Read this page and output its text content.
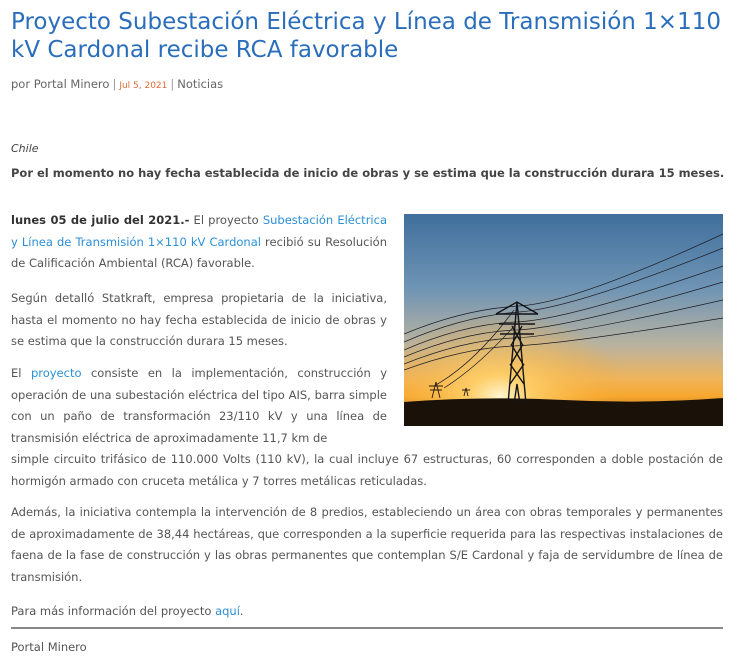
Proyecto Subestación Eléctrica y Línea de Transmisión 1×110 kV Cardonal recibe RCA favorable
por Portal Minero | Jul 5, 2021 | Noticias
Chile
Por el momento no hay fecha establecida de inicio de obras y se estima que la construcción durara 15 meses.
lunes 05 de julio del 2021.- El proyecto Subestación Eléctrica y Línea de Transmisión 1×110 kV Cardonal recibió su Resolución de Calificación Ambiental (RCA) favorable.
Según detalló Statkraft, empresa propietaria de la iniciativa, hasta el momento no hay fecha establecida de inicio de obras y se estima que la construcción durara 15 meses.
El proyecto consiste en la implementación, construcción y operación de una subestación eléctrica del tipo AIS, barra simple con un paño de transformación 23/110 kV y una línea de transmisión eléctrica de aproximadamente 11,7 km de
simple circuito trifásico de 110.000 Volts (110 kV), la cual incluye 67 estructuras, 60 corresponden a doble postación de hormigón armado con cruceta metálica y 7 torres metálicas reticuladas.
Además, la iniciativa contempla la intervención de 8 predios, estableciendo un área con obras temporales y permanentes de aproximadamente de 38,44 hectáreas, que corresponden a la superficie requerida para las respectivas instalaciones de faena de la fase de construcción y las obras permanentes que contemplan S/E Cardonal y faja de servidumbre de línea de transmisión.
Para más información del proyecto aquí.
Portal Minero
